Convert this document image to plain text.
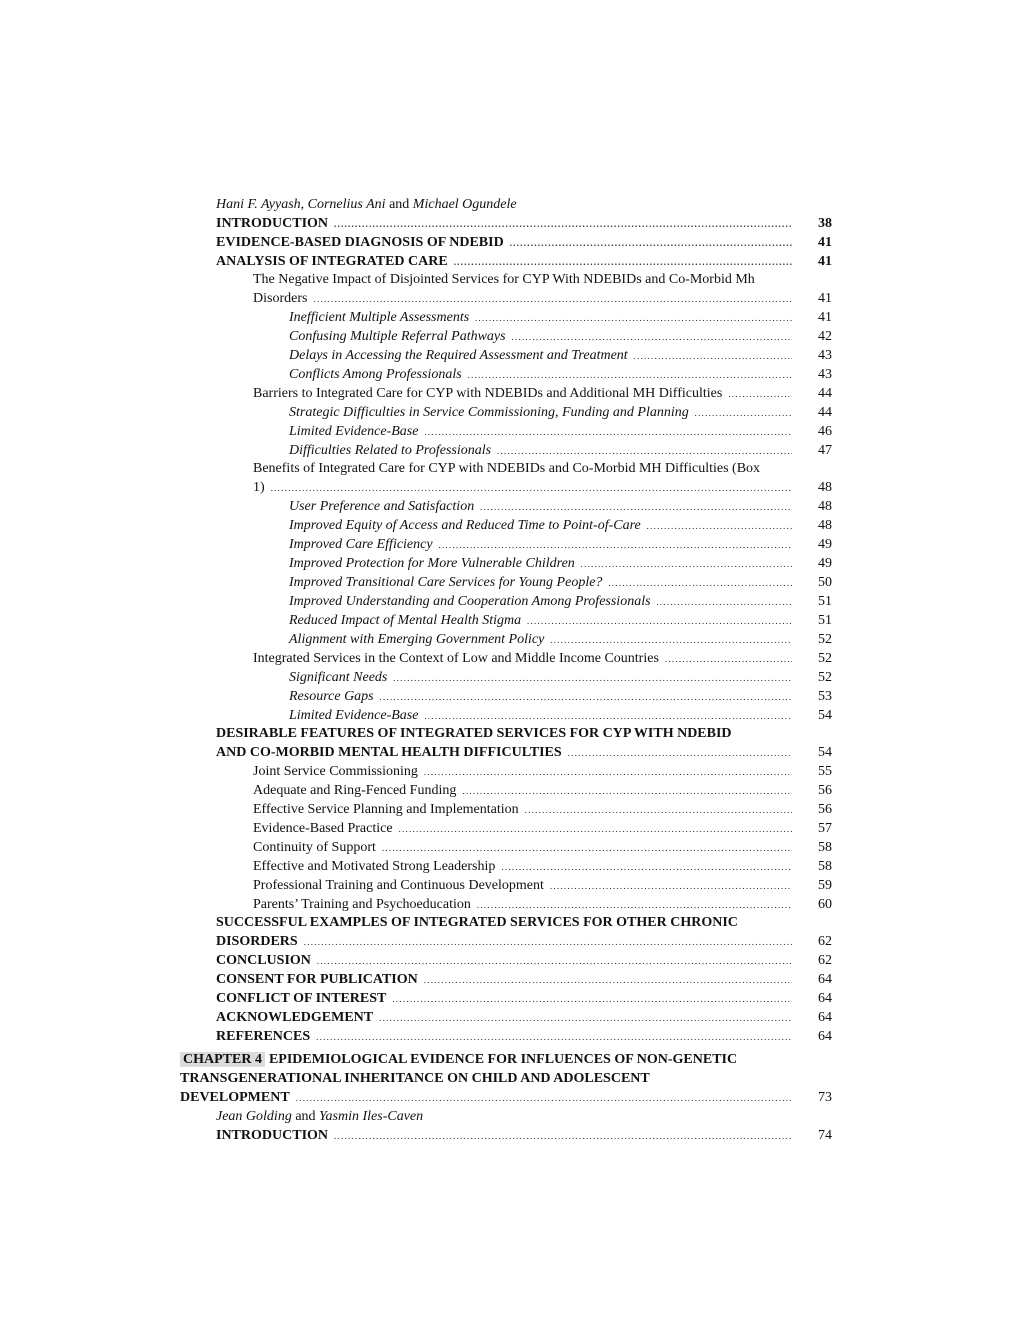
Hani F. Ayyash, Cornelius Ani and Michael Ogundele
INTRODUCTION . . .	38
EVIDENCE-BASED DIAGNOSIS OF NDEBID . . .	41
ANALYSIS OF INTEGRATED CARE . . .	41
The Negative Impact of Disjointed Services for CYP With NDEBIDs and Co-Morbid Mh
Disorders . . .	41
Inefficient Multiple Assessments . . .	41
Confusing Multiple Referral Pathways . . .	42
Delays in Accessing the Required Assessment and Treatment . . .	43
Conflicts Among Professionals . . .	43
Barriers to Integrated Care for CYP with NDEBIDs and Additional MH Difficulties . . .	44
Strategic Difficulties in Service Commissioning, Funding and Planning . . .	44
Limited Evidence-Base . . .	46
Difficulties Related to Professionals . . .	47
Benefits of Integrated Care for CYP with NDEBIDs and Co-Morbid MH Difficulties (Box
1) . . .	48
User Preference and Satisfaction . . .	48
Improved Equity of Access and Reduced Time to Point-of-Care . . .	48
Improved Care Efficiency . . .	49
Improved Protection for More Vulnerable Children . . .	49
Improved Transitional Care Services for Young People? . . .	50
Improved Understanding and Cooperation Among Professionals . . .	51
Reduced Impact of Mental Health Stigma . . .	51
Alignment with Emerging Government Policy . . .	52
Integrated Services in the Context of Low and Middle Income Countries . . .	52
Significant Needs . . .	52
Resource Gaps . . .	53
Limited Evidence-Base . . .	54
DESIRABLE FEATURES OF INTEGRATED SERVICES FOR CYP WITH NDEBID
AND CO-MORBID MENTAL HEALTH DIFFICULTIES . . .	54
Joint Service Commissioning . . .	55
Adequate and Ring-Fenced Funding . . .	56
Effective Service Planning and Implementation . . .	56
Evidence-Based Practice . . .	57
Continuity of Support . . .	58
Effective and Motivated Strong Leadership . . .	58
Professional Training and Continuous Development . . .	59
Parents’ Training and Psychoeducation . . .	60
SUCCESSFUL EXAMPLES OF INTEGRATED SERVICES FOR OTHER CHRONIC
DISORDERS . . .	62
CONCLUSION . . .	62
CONSENT FOR PUBLICATION . . .	64
CONFLICT OF INTEREST . . .	64
ACKNOWLEDGEMENT . . .	64
REFERENCES . . .	64
CHAPTER 4 EPIDEMIOLOGICAL EVIDENCE FOR INFLUENCES OF NON-GENETIC
TRANSGENERATIONAL INHERITANCE ON CHILD AND ADOLESCENT
DEVELOPMENT . . .	73
Jean Golding and Yasmin Iles-Caven
INTRODUCTION . . .	74
